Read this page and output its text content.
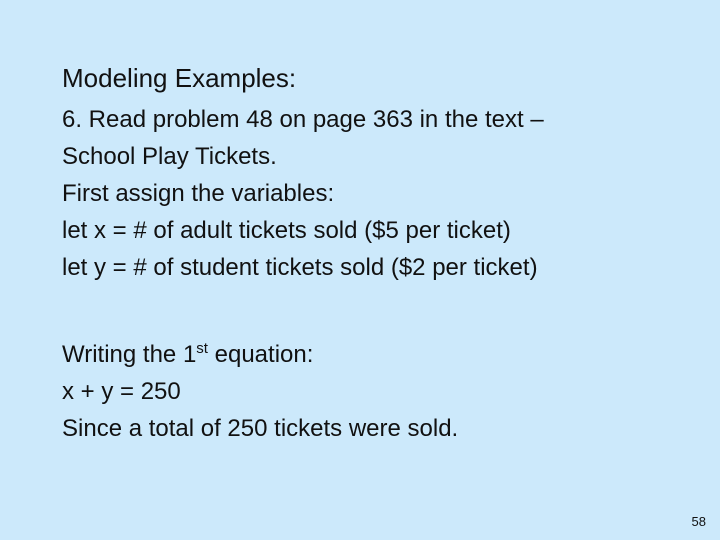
Modeling Examples:
6. Read problem 48 on page 363 in the text –
School Play Tickets.
First assign the variables:
let x = # of adult tickets sold ($5 per ticket)
let y = # of student tickets sold ($2 per ticket)
Writing the 1st equation:
x + y = 250
Since a total of 250 tickets were sold.
58
